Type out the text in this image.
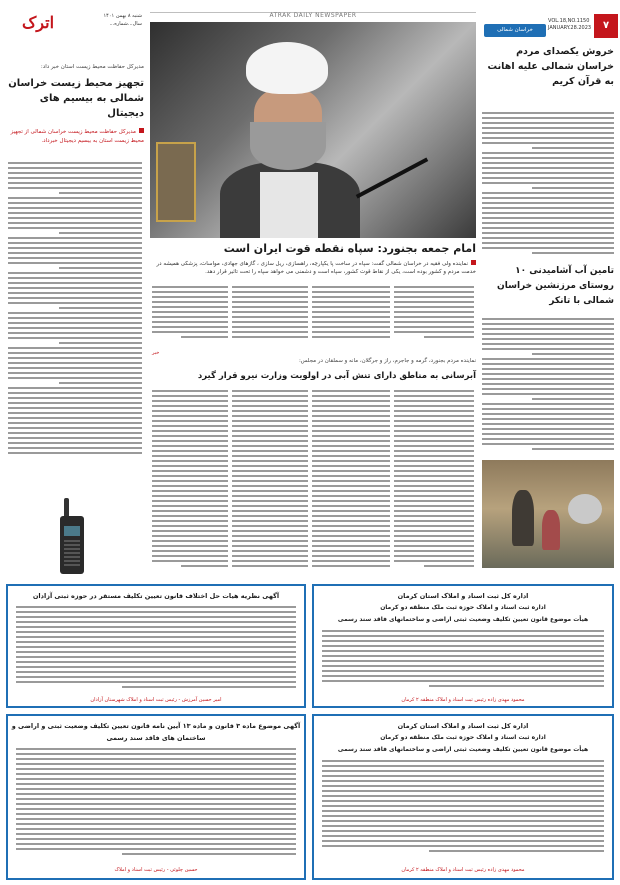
ATRAK DAILY NEWSPAPER
اترک	شنبه ۸ بهمن ۱۴۰۱
سال...شماره...
خراسان شمالی
VOL.18,NO.1150
JANUARY.28.2023	۷
مدیرکل حفاظت محیط زیست استان خبر داد:
تجهیز محیط زیست خراسان شمالی به بیسیم های دیجیتال
مدیرکل حفاظت محیط زیست خراسان شمالی از تجهیز محیط زیست استان به بیسیم دیجیتال خبرداد.
امام جمعه بجنورد: سپاه نقطه قوت ایران است
نماینده ولی فقیه در خراسان شمالی گفت: سپاه در ساخت پا یکپارچه، راهسازی، ریل سازی ، گازهای جهادی، مواسات، پزشکی همیشه در خدمت مردم و کشور بوده است، یکی از نقاط قوت کشور، سپاه است و دشمنی می خواهد سپاه را تحت تاثیر قرار دهد.
خبر
نماینده مردم بجنورد، گرمه و جاجرم، راز و جرگلان، مانه و سملقان در مجلس:
آبرسانی به مناطق دارای تنش آبی در اولویت وزارت نیرو قرار گیرد
خروش یکصدای مردم خراسان شمالی علیه اهانت به قرآن کریم
تامین آب آشامیدنی ۱۰ روستای مرزنشین خراسان شمالی با تانکر
آگهی نظریه هیات حل اختلاف قانون تعیین تکلیف مستقر در حوزه ثبتی آزادان
امیر حسین آمرزش - رئیس ثبت اسناد و املاک شهرستان آزادان
اداره کل ثبت اسناد و املاک استان کرمان
اداره ثبت اسناد و املاک حوزه ثبت ملک منطقه دو کرمان
هیأت موضوع قانون تعیین تکلیف وضعیت ثبتی اراضی و ساختمانهای فاقد سند رسمی
محمود مهدی زاده رئیس ثبت اسناد و املاک منطقه ۲ کرمان
آگهی موضوع ماده ۳ قانون و ماده ۱۳ آیین نامه قانون تعیین تکلیف وضعیت ثبتی و اراضی و ساختمان های فاقد سند رسمی
حسین چلوئی - رئیس ثبت اسناد و املاک
اداره کل ثبت اسناد و املاک استان کرمان
اداره ثبت اسناد و املاک حوزه ثبت ملک منطقه دو کرمان
هیأت موضوع قانون تعیین تکلیف وضعیت ثبتی اراضی و ساختمانهای فاقد سند رسمی
محمود مهدی زاده رئیس ثبت اسناد و املاک منطقه ۲ کرمان
